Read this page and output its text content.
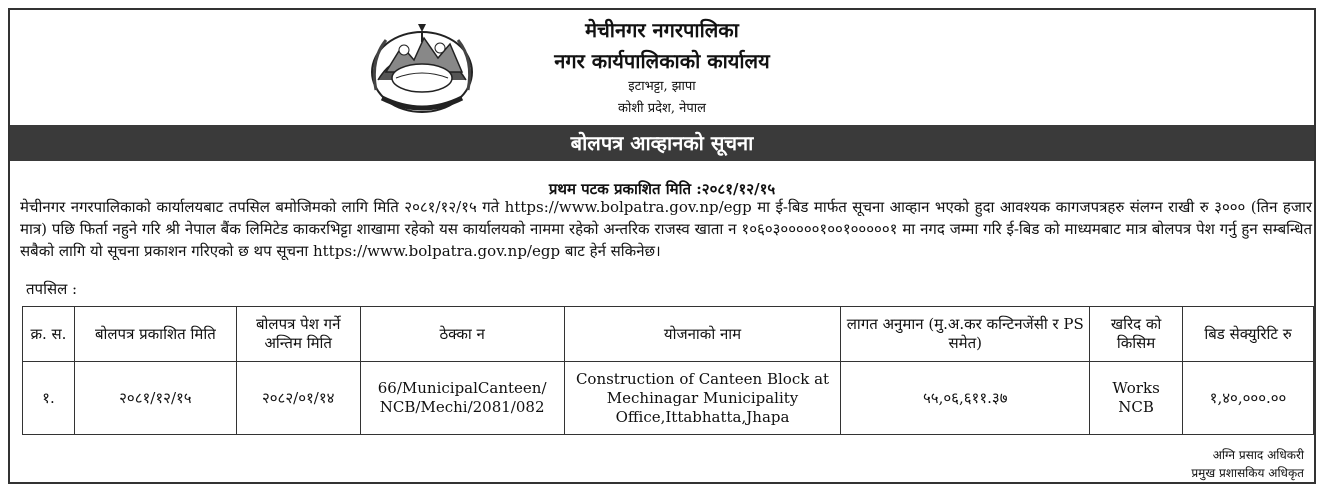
मेचीनगर नगरपालिका
नगर कार्यपालिकाको कार्यालय
इटाभट्टा, झापा
कोशी प्रदेश, नेपाल
बोलपत्र आव्हानको सूचना
प्रथम पटक प्रकाशित मिति :२०८१/१२/१५
मेचीनगर नगरपालिकाको कार्यालयबाट तपसिल बमोजिमको लागि मिति २०८१/१२/१५ गते https://www.bolpatra.gov.np/egp मा ई-बिड मार्फत सूचना आव्हान भएको हुदा आवश्यक कागजपत्रहरु संलग्न राखी रु ३००० (तिन हजार मात्र) पछि फिर्ता नहुने गरि श्री नेपाल बैंक लिमिटेड काकरभिट्टा शाखामा रहेको यस कार्यालयको नाममा रहेको अन्तरिक राजस्व खाता न १०६०३०००००१००१०००००१ मा नगद जम्मा गरि ई-बिड को माध्यमबाट मात्र बोलपत्र पेश गर्नु हुन सम्बन्धित सबैको लागि यो सूचना प्रकाशन गरिएको छ थप सूचना https://www.bolpatra.gov.np/egp बाट हेर्न सकिनेछ।
तपसिल :
क्र. स.	बोलपत्र प्रकाशित मिति	बोलपत्र पेश गर्ने अन्तिम मिति	ठेक्का न	योजनाको नाम	लागत अनुमान (मु.अ.कर कन्टिनजेंसी र PS समेत)	खरिद को किसिम	बिड सेक्युरिटि रु
१.	२०८१/१२/१५	२०८२/०१/१४	66/MunicipalCanteen/ NCB/Mechi/2081/082	Construction of Canteen Block at Mechinagar Municipality Office,Ittabhatta,Jhapa	५५,०६,६११.३७	Works NCB	१,४०,०००.००
अग्नि प्रसाद अधिकरी
प्रमुख प्रशासकिय अधिकृत
